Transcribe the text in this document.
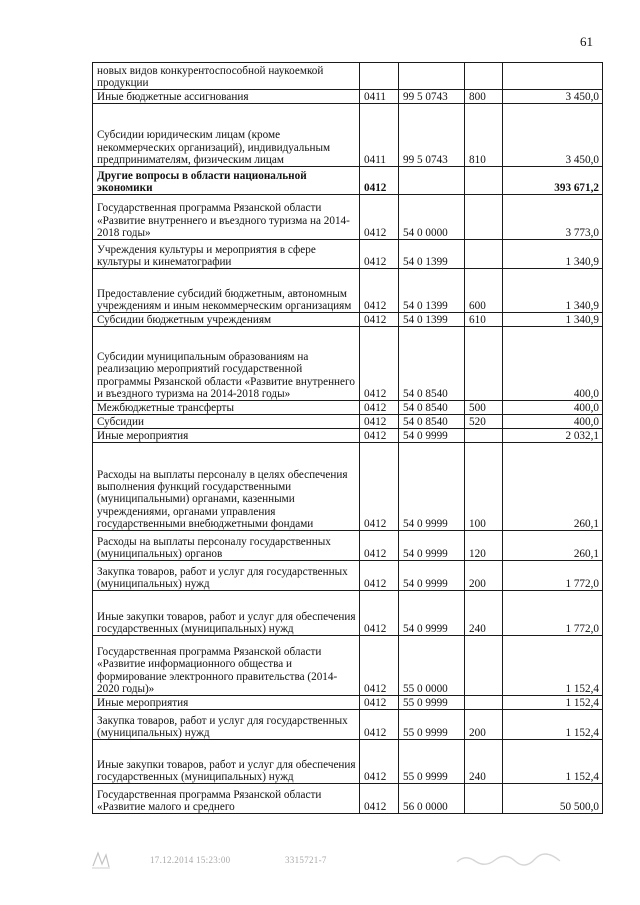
61
новых видов конкурентоспособной наукоемкой продукции				
Иные бюджетные ассигнования	0411	99 5 0743	800	3 450,0
Субсидии юридическим лицам (кроме некоммерческих организаций), индивидуальным предпринимателям, физическим лицам	0411	99 5 0743	810	3 450,0
Другие вопросы в области национальной экономики	0412			393 671,2
Государственная программа Рязанской области «Развитие внутреннего и въездного туризма на 2014-2018 годы»	0412	54 0 0000		3 773,0
Учреждения культуры и мероприятия в сфере культуры и кинематографии	0412	54 0 1399		1 340,9
Предоставление субсидий бюджетным, автономным учреждениям и иным некоммерческим организациям	0412	54 0 1399	600	1 340,9
Субсидии бюджетным учреждениям	0412	54 0 1399	610	1 340,9
Субсидии муниципальным образованиям на реализацию мероприятий государственной программы Рязанской области «Развитие внутреннего и въездного туризма на 2014-2018 годы»	0412	54 0 8540		400,0
Межбюджетные трансферты	0412	54 0 8540	500	400,0
Субсидии	0412	54 0 8540	520	400,0
Иные мероприятия	0412	54 0 9999		2 032,1
Расходы на выплаты персоналу в целях обеспечения выполнения функций государственными (муниципальными) органами, казенными учреждениями, органами управления государственными внебюджетными фондами	0412	54 0 9999	100	260,1
Расходы на выплаты персоналу государственных (муниципальных) органов	0412	54 0 9999	120	260,1
Закупка товаров, работ и услуг для государственных (муниципальных) нужд	0412	54 0 9999	200	1 772,0
Иные закупки товаров, работ и услуг для обеспечения государственных (муниципальных) нужд	0412	54 0 9999	240	1 772,0
Государственная программа Рязанской области «Развитие информационного общества и формирование электронного правительства (2014-2020 годы)»	0412	55 0 0000		1 152,4
Иные мероприятия	0412	55 0 9999		1 152,4
Закупка товаров, работ и услуг для государственных (муниципальных) нужд	0412	55 0 9999	200	1 152,4
Иные закупки товаров, работ и услуг для обеспечения государственных (муниципальных) нужд	0412	55 0 9999	240	1 152,4
Государственная программа Рязанской области «Развитие малого и среднего	0412	56 0 0000		50 500,0
17.12.2014 15:23:00	3315721-7
